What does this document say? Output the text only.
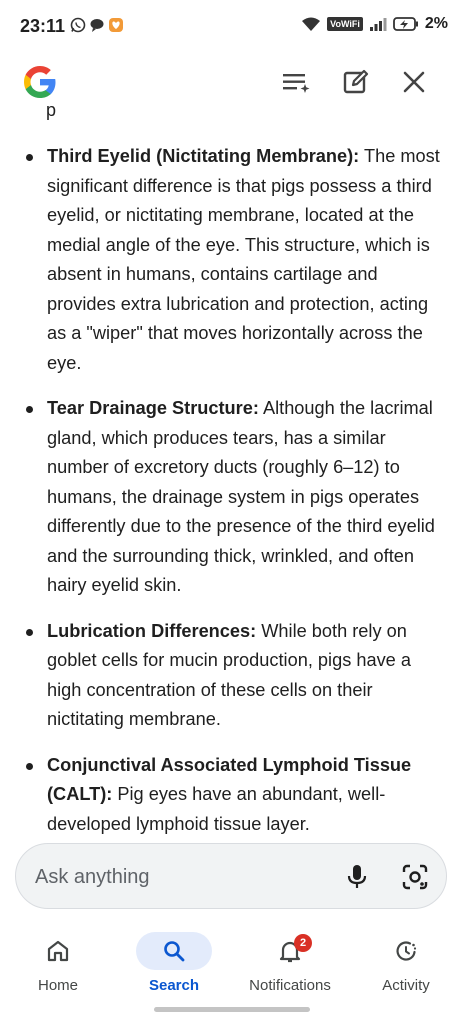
23:11	VoWiFi	2%
p
Third Eyelid (Nictitating Membrane): The most significant difference is that pigs possess a third eyelid, or nictitating membrane, located at the medial angle of the eye. This structure, which is absent in humans, contains cartilage and provides extra lubrication and protection, acting as a "wiper" that moves horizontally across the eye.
Tear Drainage Structure: Although the lacrimal gland, which produces tears, has a similar number of excretory ducts (roughly 6–12) to humans, the drainage system in pigs operates differently due to the presence of the third eyelid and the surrounding thick, wrinkled, and often hairy eyelid skin.
Lubrication Differences: While both rely on goblet cells for mucin production, pigs have a high concentration of these cells on their nictitating membrane.
Conjunctival Associated Lymphoid Tissue (CALT): Pig eyes have an abundant, well-developed lymphoid tissue layer.
Ask anything
Home	Search
2
Notifications	Activity
